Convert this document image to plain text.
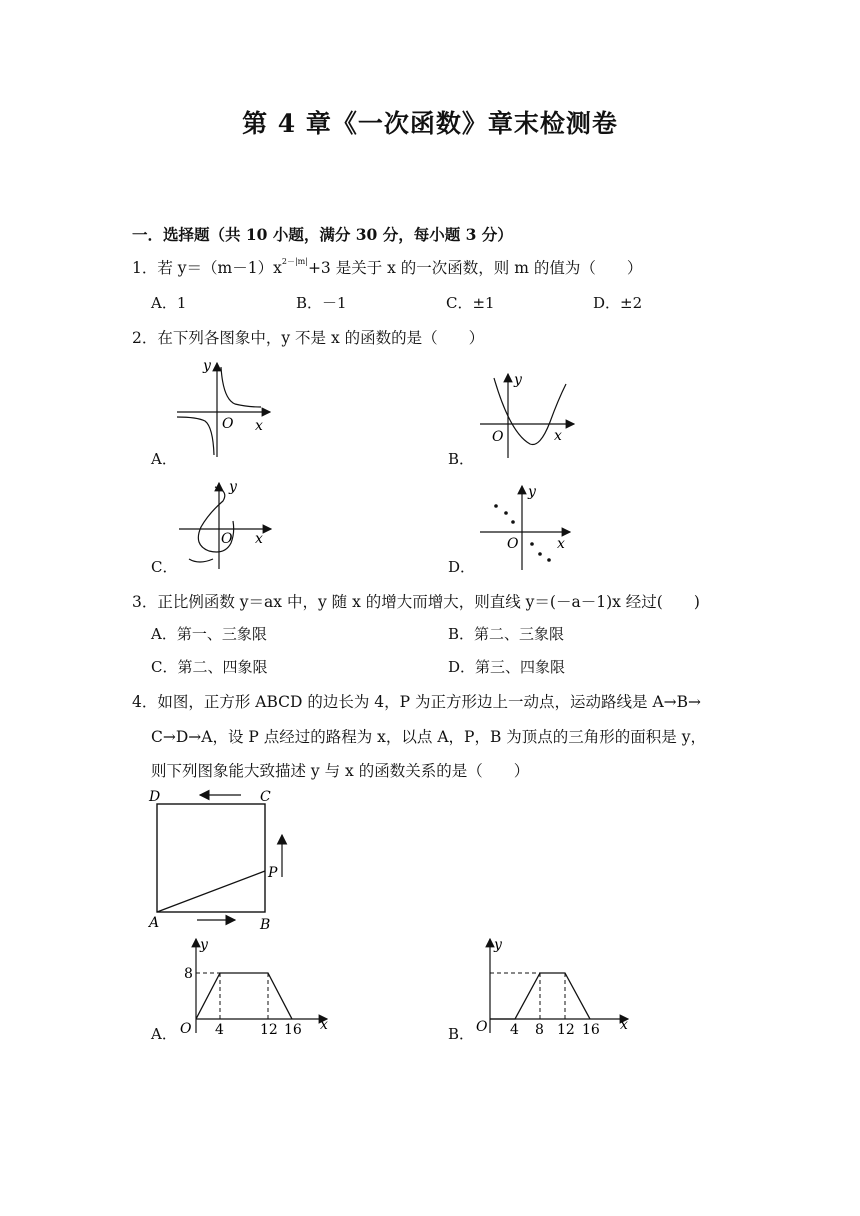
第 4 章《一次函数》章末检测卷
一．选择题（共 10 小题，满分 30 分，每小题 3 分）
1．若 $y=(m-1)x^{2-|m|}+3$ 是关于 x 的一次函数，则 m 的值为（　　）
A．1	B．－1	C．±1	D．±2
2．在下列各图象中，y 不是 x 的函数的是（　　）
y
O x
A．
y
O	x
B．
y
O x
C．
y
O	x
D．
3．正比例函数 y＝ax 中，y 随 x 的增大而增大，则直线 y＝(－a－1)x 经过(　　)
A．第一、三象限	B．第二、三象限
C．第二、四象限	D．第三、四象限
4．如图，正方形 ABCD 的边长为 4，P 为正方形边上一动点，运动路线是 A→B→
C→D→A，设 P 点经过的路程为 x，以点 A，P，B 为顶点的三角形的面积是 y，
则下列图象能大致描述 y 与 x 的函数关系的是（　　）
D	C
A	B
P
y
8
O 4	12 16 x
A．
y
O 4 8 12 16 x
B．
